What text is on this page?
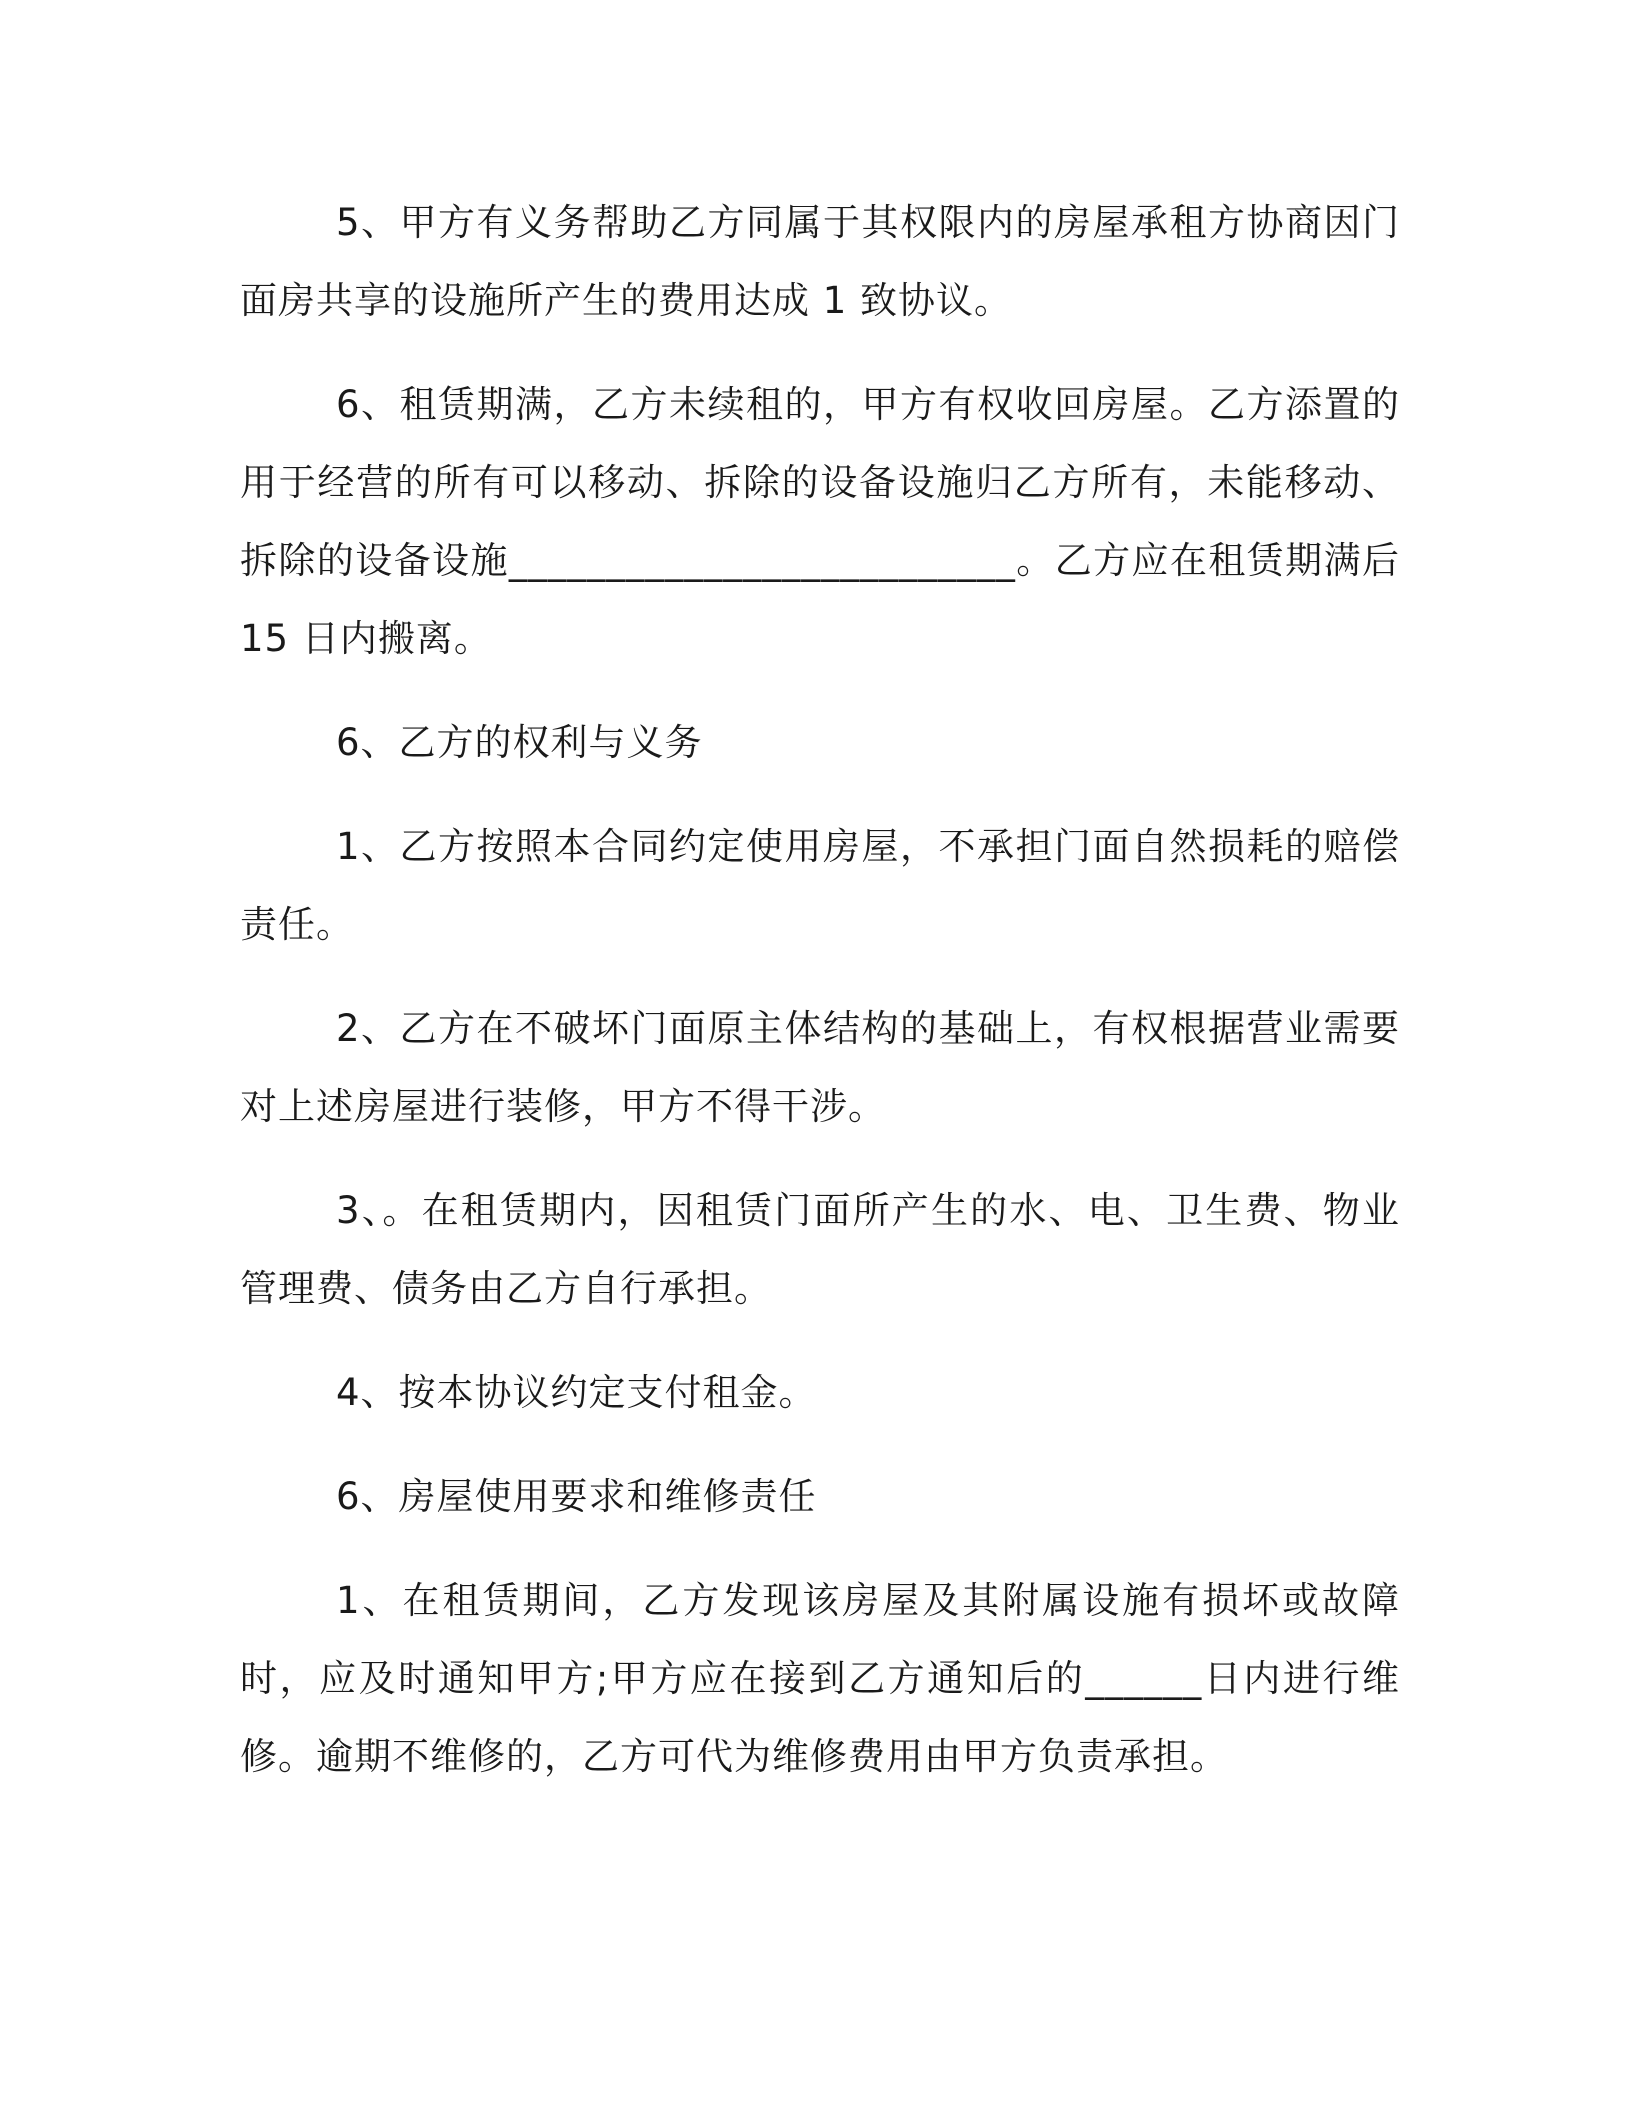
5、甲方有义务帮助乙方同属于其权限内的房屋承租方协商因门面房共享的设施所产生的费用达成 1 致协议。

6、租赁期满，乙方未续租的，甲方有权收回房屋。乙方添置的用于经营的所有可以移动、拆除的设备设施归乙方所有，未能移动、拆除的设备设施__________________________。乙方应在租赁期满后 15 日内搬离。

6、乙方的权利与义务

1、乙方按照本合同约定使用房屋，不承担门面自然损耗的赔偿责任。

2、乙方在不破坏门面原主体结构的基础上，有权根据营业需要对上述房屋进行装修，甲方不得干涉。

3、。在租赁期内，因租赁门面所产生的水、电、卫生费、物业管理费、债务由乙方自行承担。

4、按本协议约定支付租金。

6、房屋使用要求和维修责任

1、在租赁期间，乙方发现该房屋及其附属设施有损坏或故障时，应及时通知甲方;甲方应在接到乙方通知后的______日内进行维修。逾期不维修的，乙方可代为维修费用由甲方负责承担。
